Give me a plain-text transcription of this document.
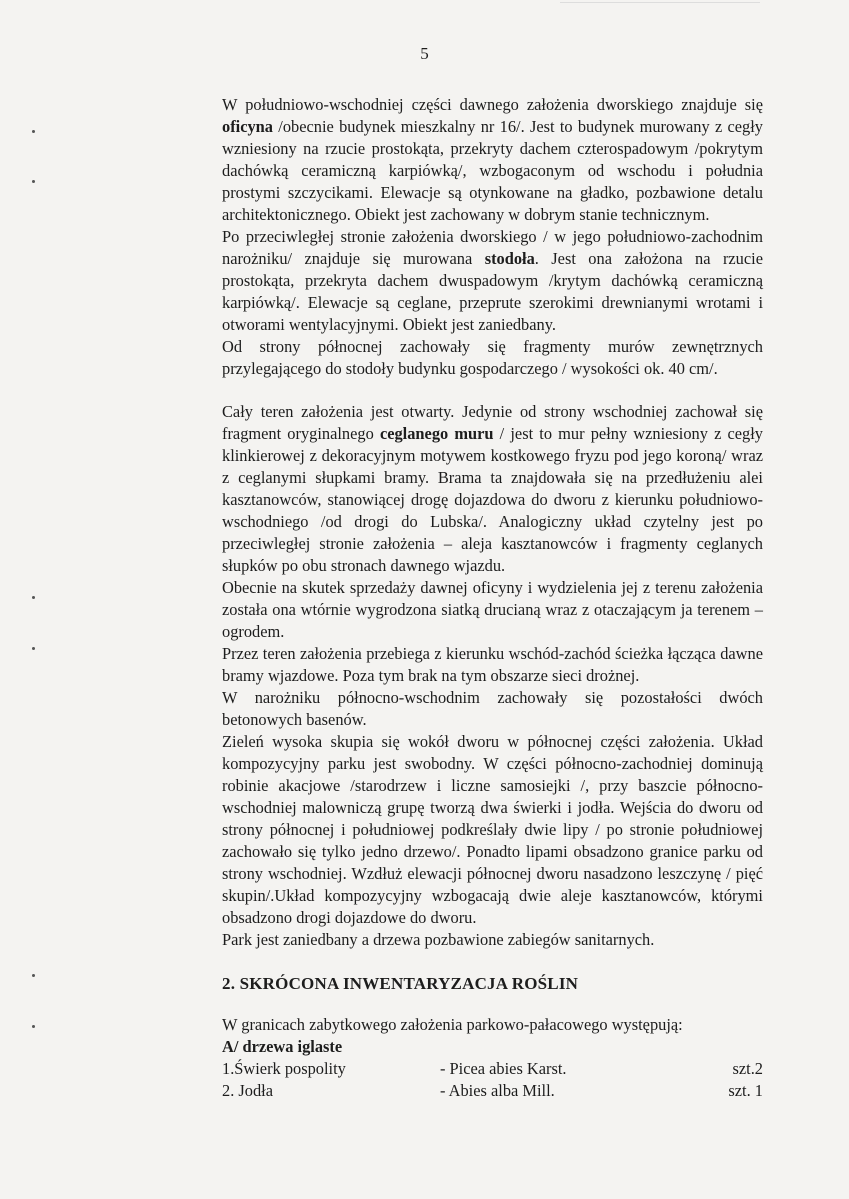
5
W południowo-wschodniej części dawnego założenia dworskiego znajduje się oficyna /obecnie budynek mieszkalny nr 16/. Jest to budynek murowany z cegły wzniesiony na rzucie prostokąta, przekryty dachem czterospadowym /pokrytym dachówką ceramiczną karpiówką/, wzbogaconym od wschodu i południa prostymi szczycikami. Elewacje są otynkowane na gładko, pozbawione detalu architektonicznego. Obiekt jest zachowany w dobrym stanie technicznym.
Po przeciwległej stronie założenia dworskiego / w jego południowo-zachodnim narożniku/ znajduje się murowana stodoła. Jest ona założona na rzucie prostokąta, przekryta dachem dwuspadowym /krytym dachówką ceramiczną karpiówką/. Elewacje są ceglane, przeprute szerokimi drewnianymi wrotami i otworami wentylacyjnymi. Obiekt jest zaniedbany.
Od strony północnej zachowały się fragmenty murów zewnętrznych przylegającego do stodoły budynku gospodarczego / wysokości ok. 40 cm/.
Cały teren założenia jest otwarty. Jedynie od strony wschodniej zachował się fragment oryginalnego ceglanego muru / jest to mur pełny wzniesiony z cegły klinkierowej z dekoracyjnym motywem kostkowego fryzu pod jego koroną/ wraz z ceglanymi słupkami bramy. Brama ta znajdowała się na przedłużeniu alei kasztanowców, stanowiącej drogę dojazdowa do dworu z kierunku południowo-wschodniego /od drogi do Lubska/. Analogiczny układ czytelny jest po przeciwległej stronie założenia – aleja kasztanowców i fragmenty ceglanych słupków po obu stronach dawnego wjazdu.
Obecnie na skutek sprzedaży dawnej oficyny i wydzielenia jej z terenu założenia została ona wtórnie wygrodzona siatką drucianą wraz z otaczającym ja terenem – ogrodem.
Przez teren założenia przebiega z kierunku wschód-zachód ścieżka łącząca dawne bramy wjazdowe. Poza tym brak na tym obszarze sieci drożnej.
W narożniku północno-wschodnim zachowały się pozostałości dwóch betonowych basenów.
Zieleń wysoka skupia się wokół dworu w północnej części założenia. Układ kompozycyjny parku jest swobodny. W części północno-zachodniej dominują robinie akacjowe /starodrzew i liczne samosiejki /, przy baszcie północno-wschodniej malowniczą grupę tworzą dwa świerki i jodła. Wejścia do dworu od strony północnej i południowej podkreślały dwie lipy / po stronie południowej zachowało się tylko jedno drzewo/. Ponadto lipami obsadzono granice parku od strony wschodniej. Wzdłuż elewacji północnej dworu nasadzono leszczynę / pięć skupin/.Układ kompozycyjny wzbogacają dwie aleje kasztanowców, którymi obsadzono drogi dojazdowe do dworu.
Park jest zaniedbany a drzewa pozbawione zabiegów sanitarnych.
2. SKRÓCONA INWENTARYZACJA ROŚLIN
W granicach zabytkowego założenia parkowo-pałacowego występują:
A/ drzewa iglaste
1.Świerk pospolity	- Picea abies Karst.	szt.2
2. Jodła	- Abies alba Mill.	szt. 1
